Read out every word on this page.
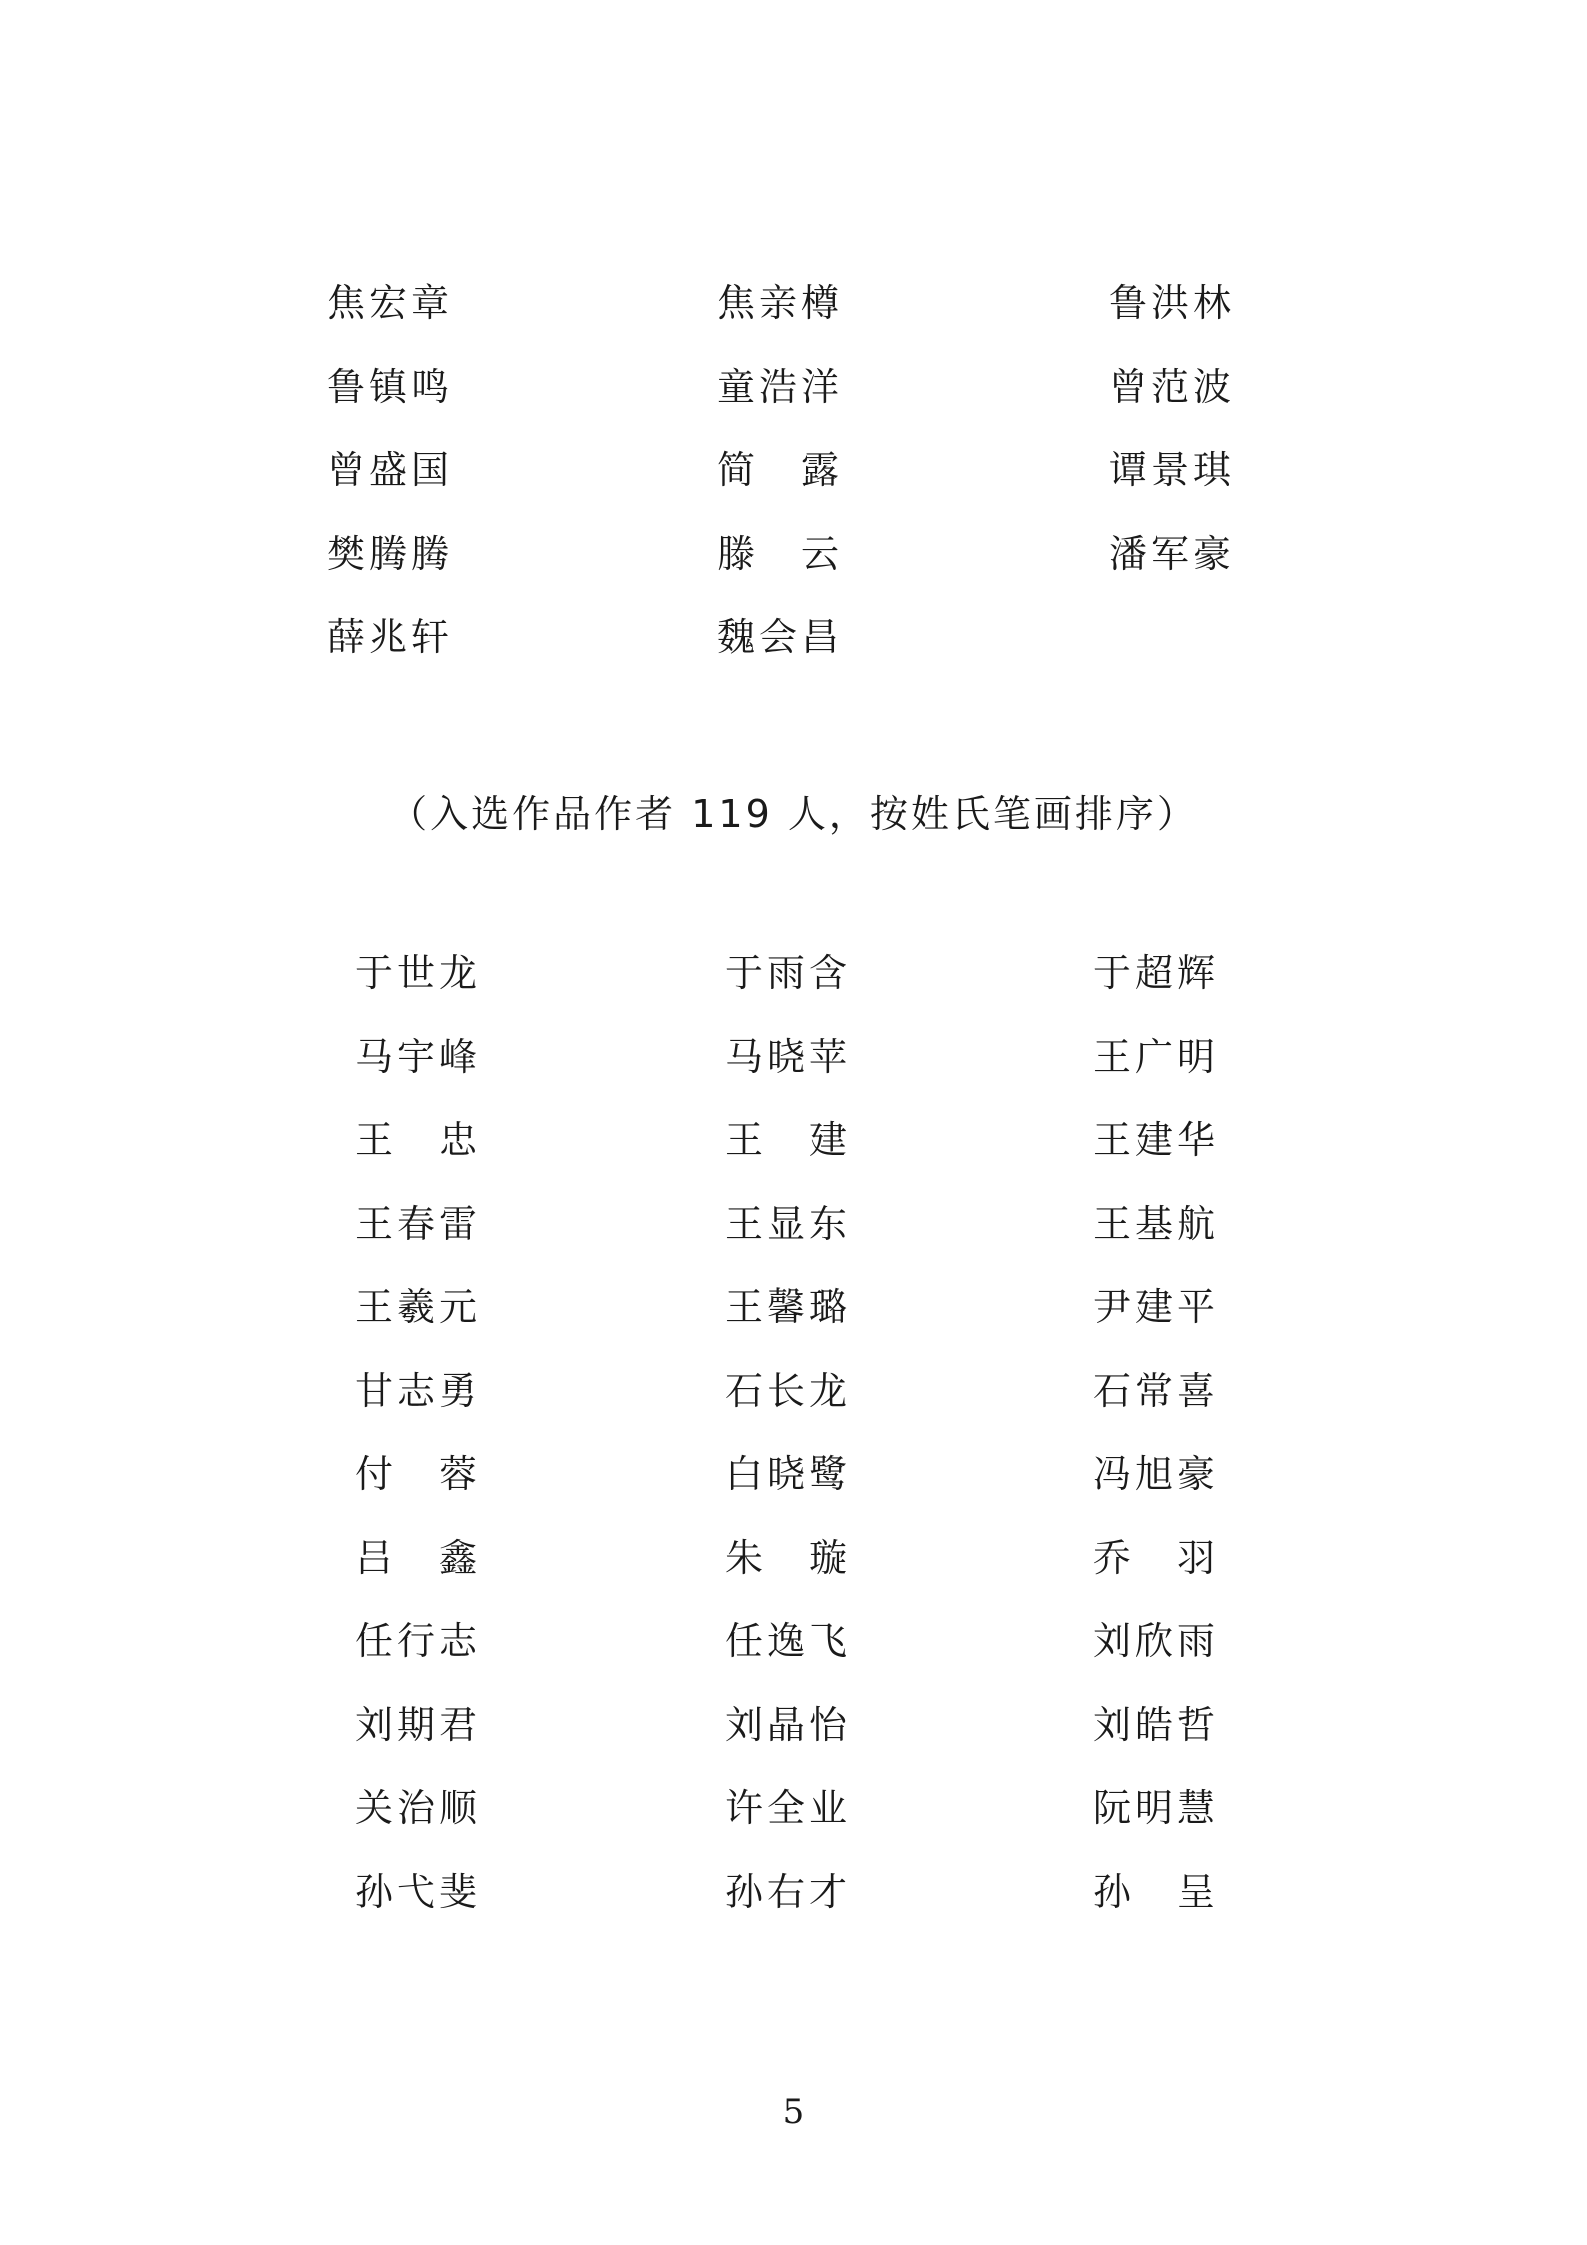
焦宏章	焦亲樽	鲁洪林
鲁镇鸣	童浩洋	曾范波
曾盛国	简　露	谭景琪
樊腾腾	滕　云	潘军豪
薛兆轩	魏会昌
（入选作品作者 119 人，按姓氏笔画排序）
于世龙	于雨含	于超辉
马宇峰	马晓苹	王广明
王　忠	王　建	王建华
王春雷	王显东	王基航
王羲元	王馨璐	尹建平
甘志勇	石长龙	石常喜
付　蓉	白晓鹭	冯旭豪
吕　鑫	朱　璇	乔　羽
任行志	任逸飞	刘欣雨
刘期君	刘晶怡	刘皓哲
关治顺	许全业	阮明慧
孙弋斐	孙右才	孙　呈
5
